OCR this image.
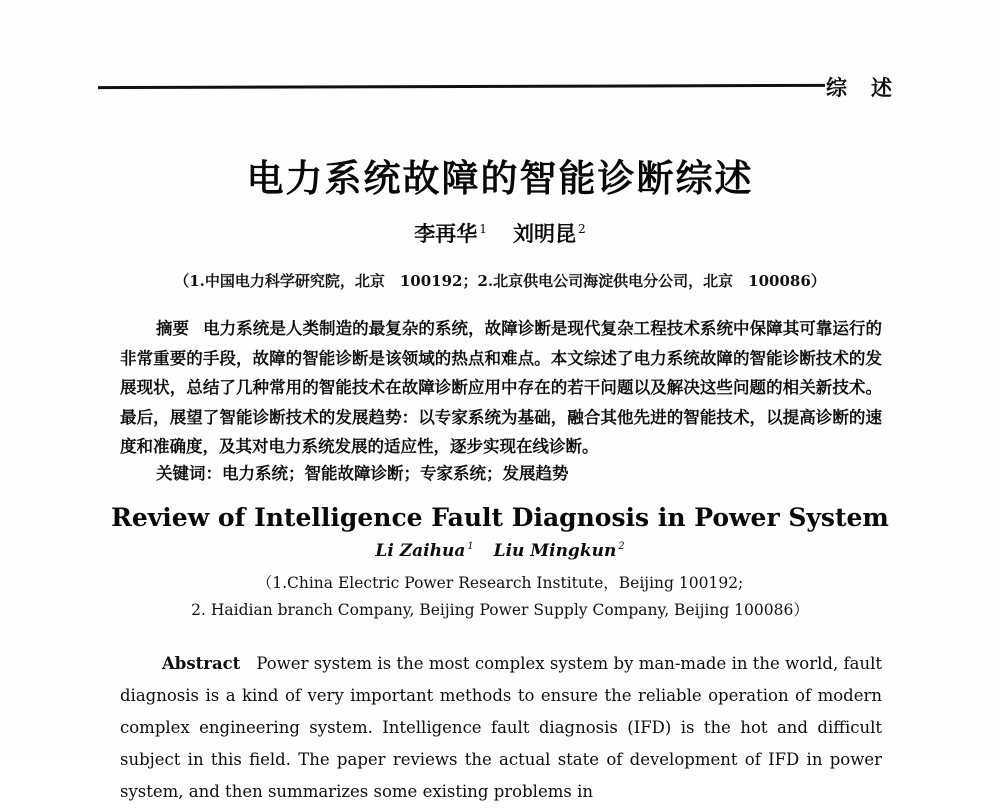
综述
电力系统故障的智能诊断综述
李再华 $^1$ 刘明昆 $^2$
（1.中国电力科学研究院，北京　100192；2.北京供电公司海淀供电分公司，北京　100086）
摘要 电力系统是人类制造的最复杂的系统，故障诊断是现代复杂工程技术系统中保障其可靠运行的非常重要的手段，故障的智能诊断是该领域的热点和难点。本文综述了电力系统故障的智能诊断技术的发展现状，总结了几种常用的智能技术在故障诊断应用中存在的若干问题以及解决这些问题的相关新技术。最后，展望了智能诊断技术的发展趋势：以专家系统为基础，融合其他先进的智能技术，以提高诊断的速度和准确度，及其对电力系统发展的适应性，逐步实现在线诊断。
关键词：电力系统；智能故障诊断；专家系统；发展趋势
Review of Intelligence Fault Diagnosis in Power System
Li Zaihua $^1$ Liu Mingkun $^2$
（1.China Electric Power Research Institute，Beijing 100192;
2. Haidian branch Company, Beijing Power Supply Company, Beijing 100086）

Abstract Power system is the most complex system by man-made in the world, fault diagnosis is a kind of very important methods to ensure the reliable operation of modern complex engineering system. Intelligence fault diagnosis (IFD) is the hot and difficult subject in this field. The paper reviews the actual state of development of IFD in power system, and then summarizes some existing problems in
